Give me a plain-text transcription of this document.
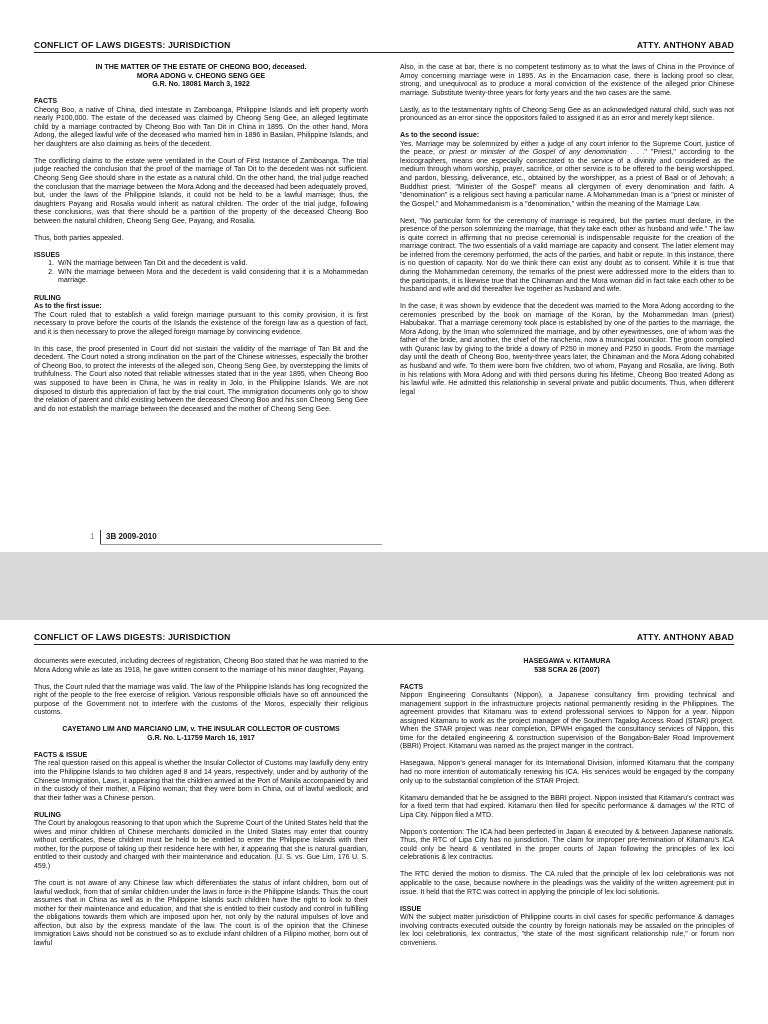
CONFLICT OF LAWS DIGESTS: JURISDICTION	ATTY. ANTHONY ABAD
IN THE MATTER OF THE ESTATE OF CHEONG BOO, deceased.
MORA ADONG v. CHEONG SENG GEE
G.R. No. 18081 March 3, 1922
FACTS

Cheong Boo, a native of China, died intestate in Zamboanga, Philippine Islands and left property worth nearly P100,000. The estate of the deceased was claimed by Cheong Seng Gee, an alleged legitimate child by a marriage contracted by Cheong Boo with Tan Dit in China in 1895. On the other hand, Mora Adong, the alleged lawful wife of the deceased who married him in 1896 in Basilan, Philippine Islands, and her daughters are also claiming as heirs of the decedent.

The conflicting claims to the estate were ventilated in the Court of First Instance of Zamboanga. The trial judge reached the conclusion that the proof of the marriage of Tan Dit to the decedent was not sufficient. Cheong Seng Gee should share in the estate as a natural child. On the other hand, the trial judge reached the conclusion that the marriage between the Mora Adong and the deceased had been adequately proved, but, under the laws of the Philippine Islands, it could not be held to be a lawful marriage; thus, the daughters Payang and Rosalia would inherit as natural children. The order of the trial judge, following these conclusions, was that there should be a partition of the property of the deceased Cheong Boo between the natural children, Cheong Seng Gee, Payang, and Rosalia.

Thus, both parties appealed.

ISSUES
1. W/N the marriage between Tan Dit and the decedent is valid.
2. W/N the marriage between Mora and the decedent is valid considering that it is a Mohammedan marriage.
RULING
As to the first issue:

The Court ruled that to establish a valid foreign marriage pursuant to this comity provision, it is first necessary to prove before the courts of the Islands the existence of the foreign law as a question of fact, and it is then necessary to prove the alleged foreign marriage by convincing evidence.

In this case, the proof presented in Court did not sustain the validity of the marriage of Tan Bit and the decedent. The Court noted a strong inclination on the part of the Chinese witnesses, especially the brother of Cheong Boo, to protect the interests of the alleged son, Cheong Seng Gee, by overstepping the limits of truthfulness. The Court also noted that reliable witnesses stated that in the year 1895, when Cheong Boo was supposed to have been in China, he was in reality in Jolo, in the Philippine Islands. We are not disposed to disturb this appreciation of fact by the trial court. The immigration documents only go to show the relation of parent and child existing between the deceased Cheong Boo and his son Cheong Seng Gee and do not establish the marriage between the deceased and the mother of Cheong Seng Gee.

Also, in the case at bar, there is no competent testimony as to what the laws of China in the Province of Amoy concerning marriage were in 1895. As in the Encarnacion case, there is lacking proof so clear, strong, and unequivocal as to produce a moral conviction of the existence of the alleged prior Chinese marriage. Substitute twenty-three years for forty years and the two cases are the same.

Lastly, as to the testamentary rights of Cheong Seng Gee as an acknowledged natural child, such was not pronounced as an error since the oppositors failed to assigned it as an error and merely kept silence.

As to the second issue:

Yes. Marriage may be solemnized by either a judge of any court inferior to the Supreme Court, justice of the peace, or priest or minister of the Gospel of any denomination . . ." "Priest," according to the lexicographers, means one especially consecrated to the service of a divinity and considered as the medium through whom worship, prayer, sacrifice, or other service is to be offered to the being worshipped, and pardon, blessing, deliverance, etc., obtained by the worshipper, as a priest of Baal or of Jehovah; a Buddhist priest. "Minister of the Gospel" means all clergymen of every denomination and faith. A "denomination" is a religious sect having a particular name. A Mohammedan Iman is a "priest or minister of the Gospel," and Mohammedanism is a "denomination," within the meaning of the Marriage Law.

Next, "No particular form for the ceremony of marriage is required, but the parties must declare, in the presence of the person solemnizing the marriage, that they take each other as husband and wife." The law is quite correct in affirming that no precise ceremonial is indispensable requisite for the creation of the marriage contract. The two essentials of a valid marriage are capacity and consent. The latter element may be inferred from the ceremony performed, the acts of the parties, and habit or repute. In this instance, there is no question of capacity. Nor do we think there can exist any doubt as to consent. While it is true that during the Mohammedan ceremony, the remarks of the priest were addressed more to the elders than to the participants, it is likewise true that the Chinaman and the Mora woman did in fact take each other to be husband and wife and did thereafter live together as husband and wife.

In the case, it was shown by evidence that the decedent was married to the Mora Adong according to the ceremonies prescribed by the book on marriage of the Koran, by the Mohammedan Iman (priest) Habubakar. That a marriage ceremony took place is established by one of the parties to the marriage, the Mora Adong, by the Iman who solemnized the marriage, and by other eyewitnesses, one of whom was the father of the bride, and another, the chief of the rancheria, now a municipal councilor. The groom complied with Quranic law by giving to the bride a dowry of P250 in money and P250 in goods. From the marriage day until the death of Cheong Boo, twenty-three years later, the Chinaman and the Mora Adong cohabited as husband and wife. To them were born five children, two of whom, Payang and Rosalia, are living. Both in his relations with Mora Adong and with third persons during his lifetime, Cheong Boo treated Adong as his lawful wife. He admitted this relationship in several private and public documents. Thus, when different legal

1 3B 2009-2010
CONFLICT OF LAWS DIGESTS: JURISDICTION	ATTY. ANTHONY ABAD

documents were executed, including decrees of registration, Cheong Boo stated that he was married to the Mora Adong while as late as 1918, he gave written consent to the marriage of his minor daughter, Payang.

Thus, the Court ruled that the marriage was valid. The law of the Philippine Islands has long recognized the right of the people to the free exercise of religion. Various responsible officials have so oft announced the purpose of the Government not to interfere with the customs of the Moros, especially their religious customs.

CAYETANO LIM AND MARCIANO LIM, v. THE INSULAR COLLECTOR OF CUSTOMS
G.R. No. L-11759 March 16, 1917
FACTS & ISSUE

The real question raised on this appeal is whether the Insular Collector of Customs may lawfully deny entry into the Philippine Islands to two children aged 8 and 14 years, respectively, under and by authority of the Chinese Immigration, Laws, it appearing that the children arrived at the Port of Manila accompanied by and in the custody of their mother, a Filipino woman; that they were born in China, out of lawful wedlock; and that their father was a Chinese person.

RULING

The Court by analogous reasoning to that upon which the Supreme Court of the United States held that the wives and minor children of Chinese merchants domiciled in the United States may enter that country without certificates, these children must be held to be entitled to enter the Philippine Islands with their mother, for the purpose of taking up their residence here with her, it appearing that she is natural guardian, entitled to their custody and charged with their maintenance and education. (U. S. vs. Gue Lim, 176 U. S. 459.)

The court is not aware of any Chinese law which differentiates the status of infant children, born out of lawful wedlock, from that of similar children under the laws in force in the Philippine Islands. Thus the court assumes that in China as well as in the Philippine Islands such children have the right to look to their mother for their maintenance and education, and that she is entitled to their custody and control in fulfilling the obligations towards them which are imposed upon her, not only by the natural impulses of love and affection, but also by the express mandate of the law. The court is of the opinion that the Chinese Immigration Laws should not be construed so as to exclude infant children of a Filipino mother, born out of lawful

HASEGAWA v. KITAMURA
538 SCRA 26 (2007)
FACTS

Nippon Engineering Consultants (Nippon), a Japanese consultancy firm providing technical and management support in the infrastructure projects national permanently residing in the Philippines. The agreement provides that Kitamaru was to extend professional services to Nippon for a year. Nippon assigned Kitamaru to work as the project manager of the Southern Tagalog Access Road (STAR) project. When the STAR project was near completion, DPWH engaged the consultancy services of Nippon, this time for the detailed engineering & construction supervision of the Bongabon-Baler Road Improvement (BBRI) Project. Kitamaru was named as the project manger in the contract.

Hasegawa, Nippon's general manager for its International Division, informed Kitamaru that the company had no more intention of automatically renewing his ICA. His services would be engaged by the company only up to the substantial completion of the STAR Project.

Kitamaru demanded that he be assigned to the BBRI project. Nippon insisted that Kitamaru's contract was for a fixed term that had expired. Kitamaru then filed for specific performance & damages w/ the RTC of Lipa City. Nippon filed a MTD.

Nippon's contention: The ICA had been perfected in Japan & executed by & between Japanese nationals. Thus, the RTC of Lipa City has no jurisdiction. The claim for improper pre-termination of Kitamaru's ICA could only be heard & ventilated in the proper courts of Japan following the principles of lex loci celebrationis & lex contractus.

The RTC denied the motion to dismiss. The CA ruled that the principle of lex loci celebrationis was not applicable to the case, because nowhere in the pleadings was the validity of the written agreement put in issue. It held that the RTC was correct in applying the principle of lex loci solutionis.

ISSUE

W/N the subject matter jurisdiction of Philippine courts in civil cases for specific performance & damages involving contracts executed outside the country by foreign nationals may be assailed on the principles of lex loci celebrationis, lex contractus, "the state of the most significant relationship rule," or forum non conveniens.
